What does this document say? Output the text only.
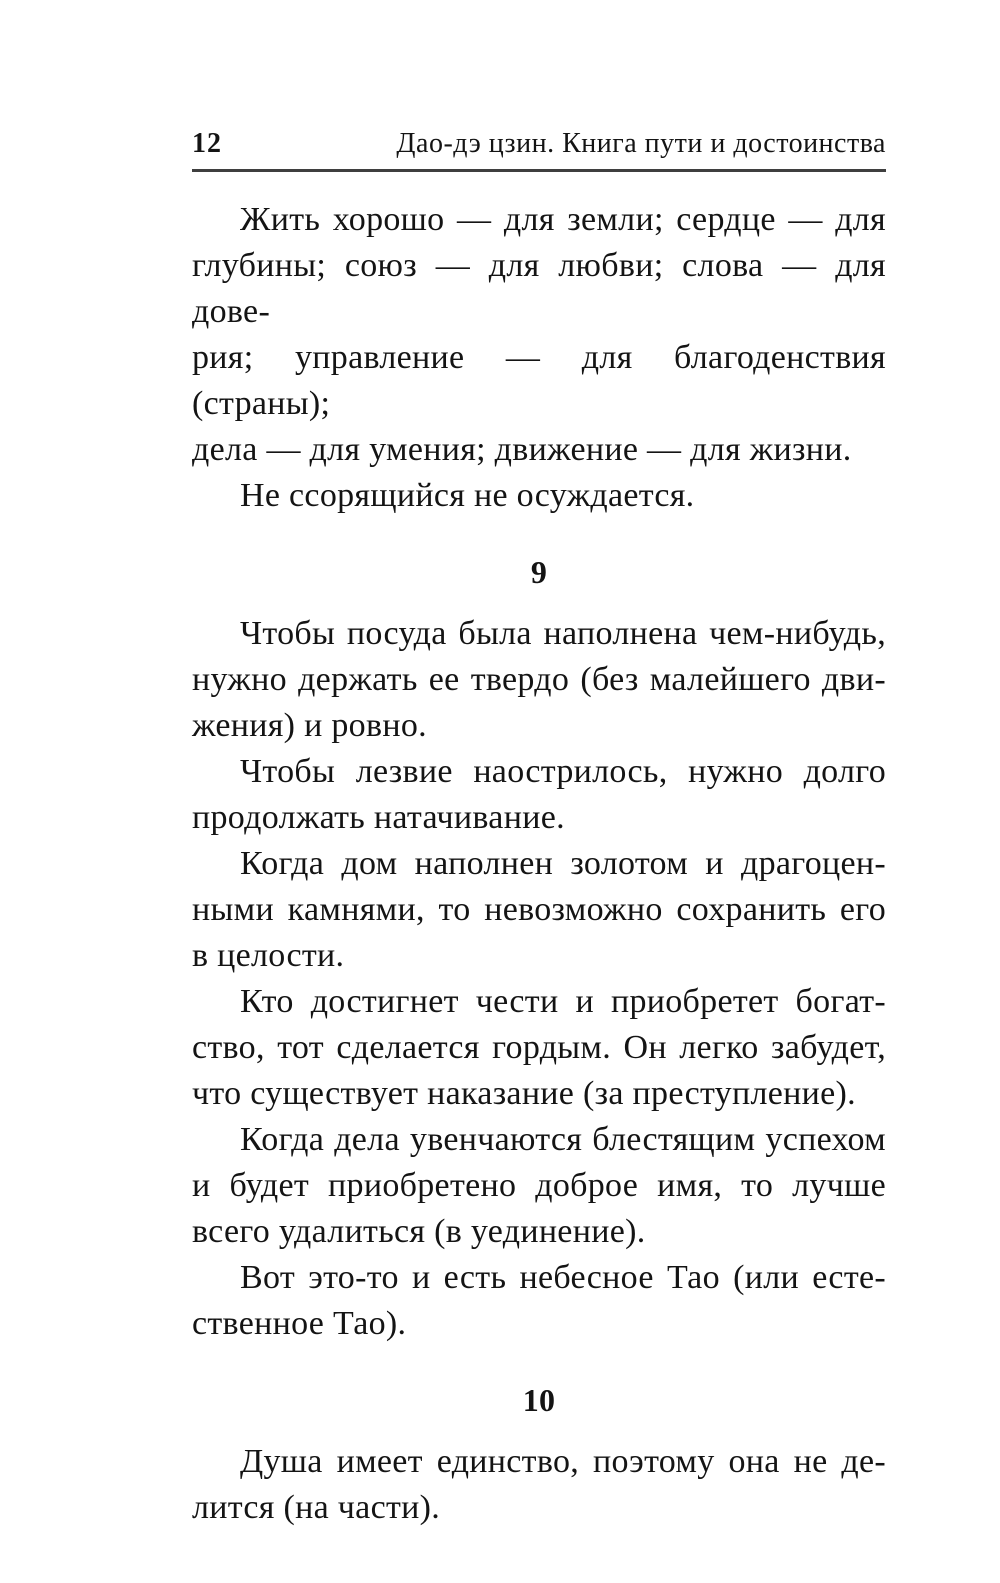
12	Дао-дэ цзин. Книга пути и достоинства
Жить хорошо — для земли; сердце — для
глубины; союз — для любви; слова — для дове-
рия; управление — для благоденствия (страны);
дела — для умения; движение — для жизни.
Не ссорящийся не осуждается.
9
Чтобы посуда была наполнена чем-нибудь,
нужно держать ее твердо (без малейшего дви-
жения) и ровно.
Чтобы лезвие наострилось, нужно долго
продолжать натачивание.
Когда дом наполнен золотом и драгоцен-
ными камнями, то невозможно сохранить его
в целости.
Кто достигнет чести и приобретет богат-
ство, тот сделается гордым. Он легко забудет,
что существует наказание (за преступление).
Когда дела увенчаются блестящим успехом
и будет приобретено доброе имя, то лучше
всего удалиться (в уединение).
Вот это-то и есть небесное Тао (или есте-
ственное Тао).
10
Душа имеет единство, поэтому она не де-
лится (на части).
